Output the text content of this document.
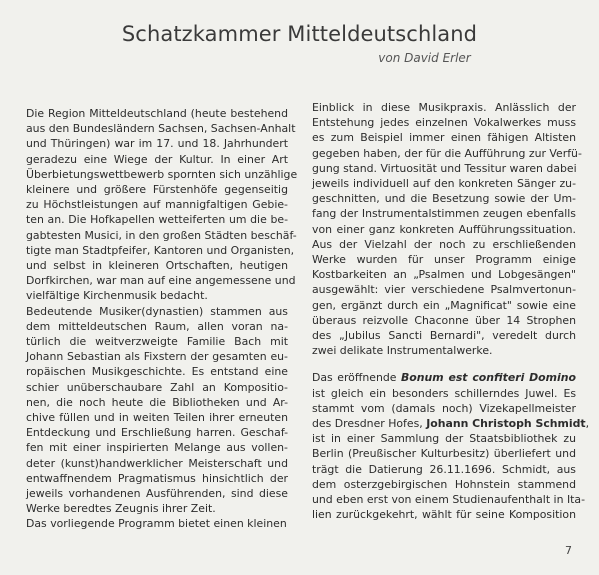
Schatzkammer Mitteldeutschland
von David Erler
Die Region Mitteldeutschland (heute bestehend
aus den Bundesländern Sachsen, Sachsen-Anhalt
und Thüringen) war im 17. und 18. Jahrhundert
geradezu eine Wiege der Kultur. In einer Art
Überbietungswettbewerb spornten sich unzählige
kleinere und größere Fürstenhöfe gegenseitig
zu Höchstleistungen auf mannigfaltigen Gebie-
ten an. Die Hofkapellen wetteiferten um die be-
gabtesten Musici, in den großen Städten beschäf-
tigte man Stadtpfeifer, Kantoren und Organisten,
und selbst in kleineren Ortschaften, heutigen
Dorfkirchen, war man auf eine angemessene und
vielfältige Kirchenmusik bedacht.
Bedeutende Musiker(dynastien) stammen aus
dem mitteldeutschen Raum, allen voran na-
türlich die weitverzweigte Familie Bach mit
Johann Sebastian als Fixstern der gesamten eu-
ropäischen Musikgeschichte. Es entstand eine
schier unüberschaubare Zahl an Kompositio-
nen, die noch heute die Bibliotheken und Ar-
chive füllen und in weiten Teilen ihrer erneuten
Entdeckung und Erschließung harren. Geschaf-
fen mit einer inspirierten Melange aus vollen-
deter (kunst)handwerklicher Meisterschaft und
entwaffnendem Pragmatismus hinsichtlich der
jeweils vorhandenen Ausführenden, sind diese
Werke beredtes Zeugnis ihrer Zeit.
Das vorliegende Programm bietet einen kleinen
Einblick in diese Musikpraxis. Anlässlich der
Entstehung jedes einzelnen Vokalwerkes muss
es zum Beispiel immer einen fähigen Altisten
gegeben haben, der für die Aufführung zur Verfü-
gung stand. Virtuosität und Tessitur waren dabei
jeweils individuell auf den konkreten Sänger zu-
geschnitten, und die Besetzung sowie der Um-
fang der Instrumentalstimmen zeugen ebenfalls
von einer ganz konkreten Aufführungssituation.
Aus der Vielzahl der noch zu erschließenden
Werke wurden für unser Programm einige
Kostbarkeiten an „Psalmen und Lobgesängen"
ausgewählt: vier verschiedene Psalmvertonun-
gen, ergänzt durch ein „Magnificat" sowie eine
überaus reizvolle Chaconne über 14 Strophen
des „Jubilus Sancti Bernardi", veredelt durch
zwei delikate Instrumentalwerke.
Das eröffnende Bonum est confiteri Domino
ist gleich ein besonders schillerndes Juwel. Es
stammt vom (damals noch) Vizekapellmeister
des Dresdner Hofes, Johann Christoph Schmidt,
ist in einer Sammlung der Staatsbibliothek zu
Berlin (Preußischer Kulturbesitz) überliefert und
trägt die Datierung 26.11.1696. Schmidt, aus
dem osterzgebirgischen Hohnstein stammend
und eben erst von einem Studienaufenthalt in Ita-
lien zurückgekehrt, wählt für seine Komposition
7
